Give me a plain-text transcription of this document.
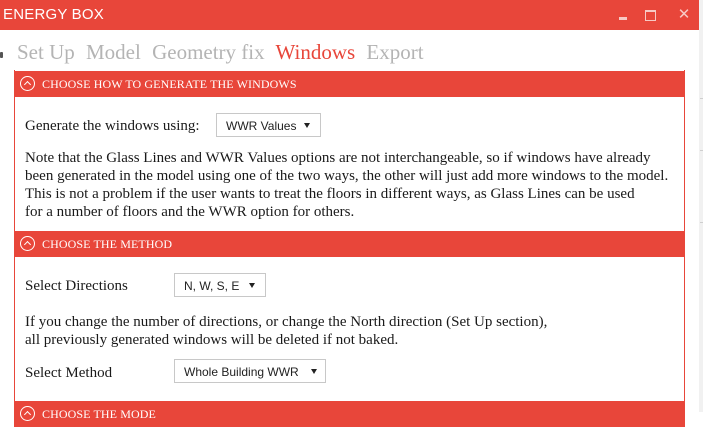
ENERGY BOX	✕
Set Up Model Geometry fix Windows Export
CHOOSE HOW TO GENERATE THE WINDOWS
Generate the windows using:	WWR Values
Note that the Glass Lines and WWR Values options are not interchangeable, so if windows have already
been generated in the model using one of the two ways, the other will just add more windows to the model.
This is not a problem if the user wants to treat the floors in different ways, as Glass Lines can be used
for a number of floors and the WWR option for others.
CHOOSE THE METHOD
Select Directions	N, W, S, E
If you change the number of directions, or change the North direction (Set Up section),
all previously generated windows will be deleted if not baked.
Select Method	Whole Building WWR
CHOOSE THE MODE
